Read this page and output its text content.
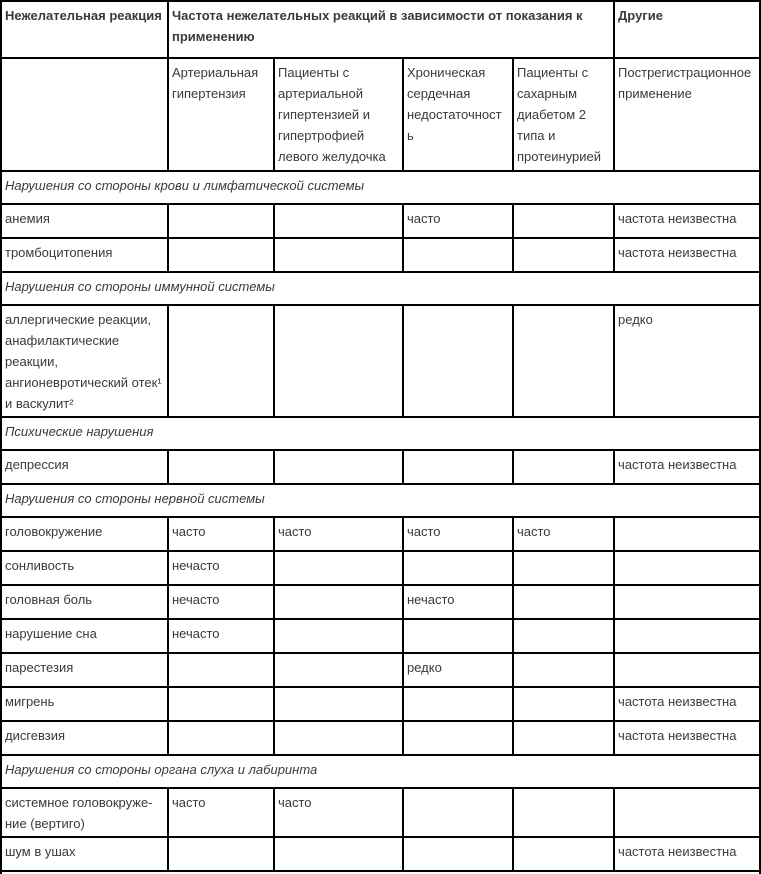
Нежелательная реакция	Частота нежелательных реакций в зависимости от показания к применению				Другие
	Артериальная гипертензия	Пациенты с артериальной гипертензией и гипертрофией левого желудочка	Хроническая сердечная недостаточность	Пациенты с сахарным диабетом 2 типа и протеинурией	Пострегистрационное применение
Нарушения со стороны крови и лимфатической системы					
анемия			часто		частота неизвестна
тромбоцитопения					частота неизвестна
Нарушения со стороны иммунной системы					
аллергические реакции, анафилактические реакции, ангионевротический отек¹ и васкулит²					редко
Психические нарушения					
депрессия					частота неизвестна
Нарушения со стороны нервной системы					
головокружение	часто	часто	часто	часто	
сонливость	нечасто				
головная боль	нечасто		нечасто		
нарушение сна	нечасто				
парестезия			редко		
мигрень					частота неизвестна
дисгевзия					частота неизвестна
Нарушения со стороны органа слуха и лабиринта					
системное головокруже- ние (вертиго)	часто	часто			
шум в ушах					частота неизвестна
